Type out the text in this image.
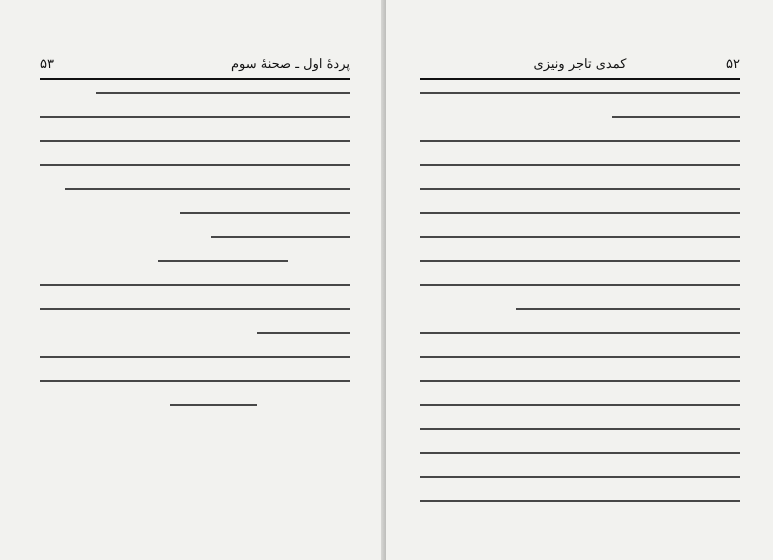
۵۳	پردهٔ اول ـ صحنهٔ سوم	کمدی تاجر ونیزی	۵۲
